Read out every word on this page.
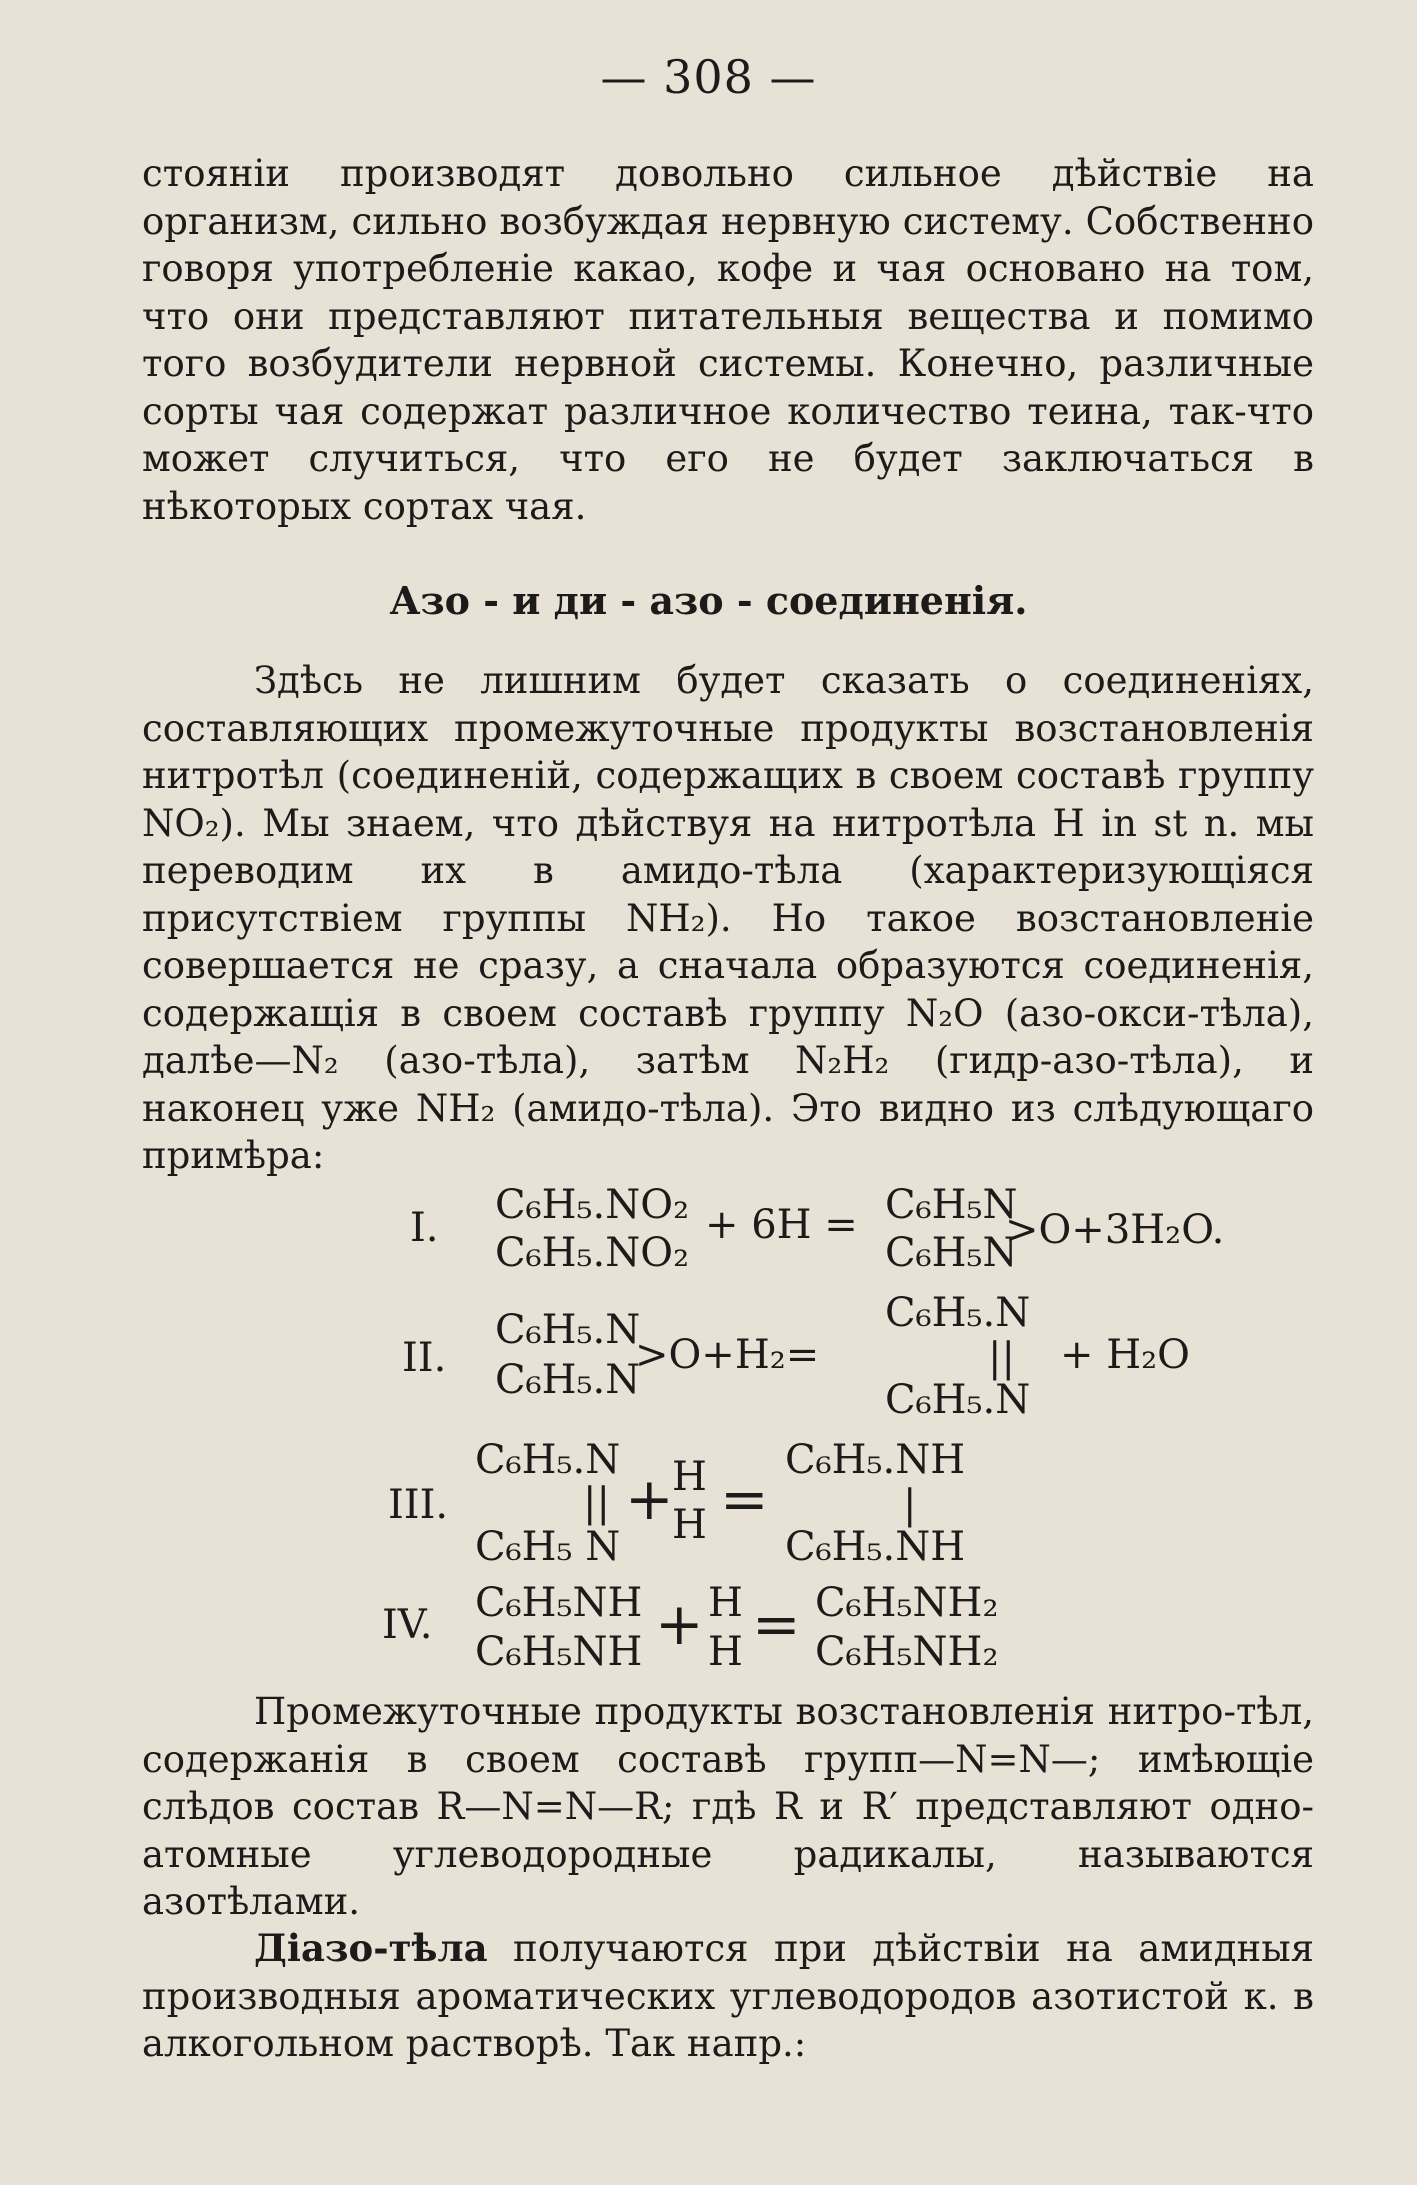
— 308 —

стояніи производят довольно сильное дѣйствіе на организм, сильно возбуждая нервную систему. Собственно говоря употребленіе какао, кофе и чая основано на том, что они представляют питательныя вещества и помимо того возбудители нервной системы. Конечно, различные сорты чая содержат различное количество теина, так-что может случиться, что его не будет заключаться в нѣкоторых сортах чая.

Азо - и ди - азо - соединенія.

Здѣсь не лишним будет сказать о соединеніях, составляющих промежуточные продукты возстановленія нитротѣл (соединеній, содержащих в своем составѣ группу NO₂). Мы знаем, что дѣйствуя на нитротѣла H in st n. мы переводим их в амидо-тѣла (характеризующіяся присутствіем группы NH₂). Но такое возстановленіе совершается не сразу, а сначала образуются соединенія, содержащія в своем составѣ группу N₂O (азо-окси-тѣла), далѣе—N₂ (азо-тѣла), затѣм N₂H₂ (гидр-азо-тѣла), и наконец уже NH₂ (амидо-тѣла). Это видно из слѣдующаго примѣра:

I. C₆H₅.NO₂
C₆H₅.NO₂
+ 6H = C₆H₅N
C₆H₅N
>O+3H₂O.
II.
C₆H₅.N
C₆H₅.N
>O+H₂=
C₆H₅.N
||
C₆H₅.N
+ H₂O
III.
C₆H₅.N
||
C₆H₅ N
+
H
H =
C₆H₅.NH
|
C₆H₅.NH
IV. C₆H₅NH
C₆H₅NH + H
H = C₆H₅NH₂
C₆H₅NH₂

Промежуточные продукты возстановленія нитро-тѣл, содержанія в своем составѣ групп—N=N—; имѣющіе слѣдов состав R—N=N—R; гдѣ R и R′ представляют одно-атомные углеводородные радикалы, называются азотѣлами.

Діазо-тѣла получаются при дѣйствіи на амидныя производныя ароматических углеводородов азотистой к. в алкогольном растворѣ. Так напр.:
